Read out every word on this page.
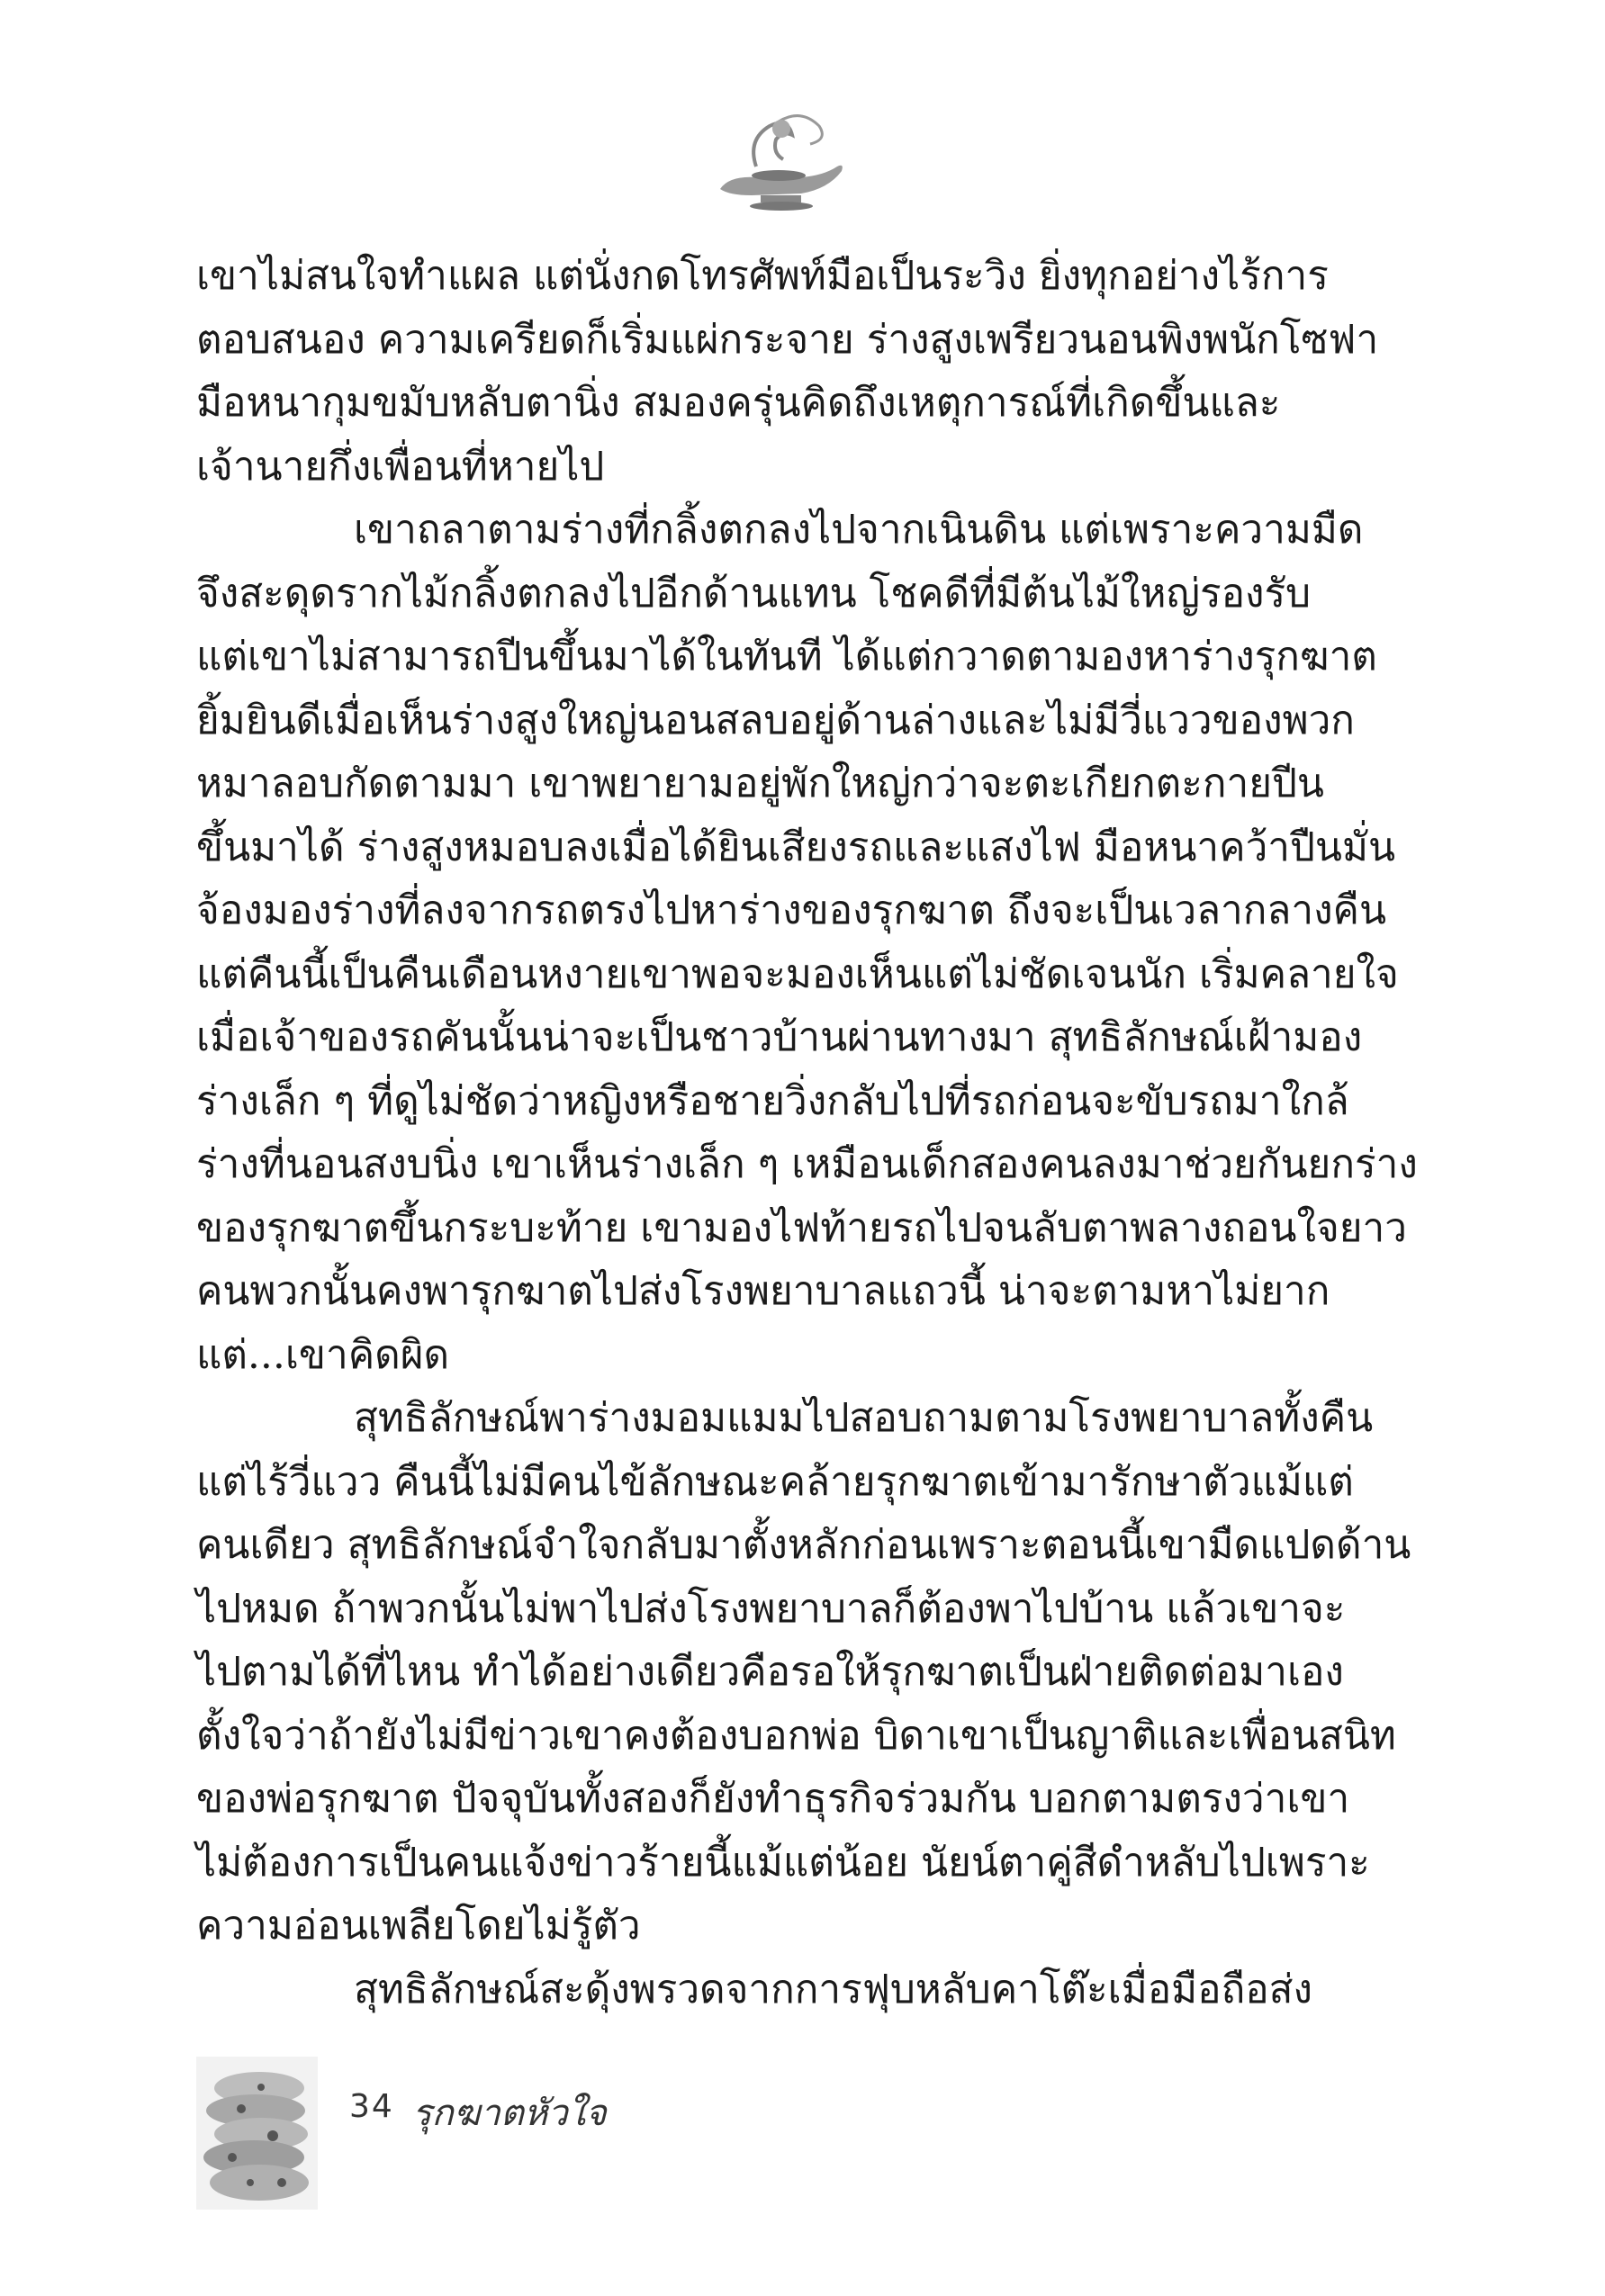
เขาไม่สนใจทำแผล แต่นั่งกดโทรศัพท์มือเป็นระวิง ยิ่งทุกอย่างไร้การ
ตอบสนอง ความเครียดก็เริ่มแผ่กระจาย ร่างสูงเพรียวนอนพิงพนักโซฟา
มือหนากุมขมับหลับตานิ่ง สมองครุ่นคิดถึงเหตุการณ์ที่เกิดขึ้นและ
เจ้านายกึ่งเพื่อนที่หายไป
เขาถลาตามร่างที่กลิ้งตกลงไปจากเนินดิน แต่เพราะความมืด
จึงสะดุดรากไม้กลิ้งตกลงไปอีกด้านแทน โชคดีที่มีต้นไม้ใหญ่รองรับ
แต่เขาไม่สามารถปีนขึ้นมาได้ในทันที ได้แต่กวาดตามองหาร่างรุกฆาต
ยิ้มยินดีเมื่อเห็นร่างสูงใหญ่นอนสลบอยู่ด้านล่างและไม่มีวี่แววของพวก
หมาลอบกัดตามมา เขาพยายามอยู่พักใหญ่กว่าจะตะเกียกตะกายปีน
ขึ้นมาได้ ร่างสูงหมอบลงเมื่อได้ยินเสียงรถและแสงไฟ มือหนาคว้าปืนมั่น
จ้องมองร่างที่ลงจากรถตรงไปหาร่างของรุกฆาต ถึงจะเป็นเวลากลางคืน
แต่คืนนี้เป็นคืนเดือนหงายเขาพอจะมองเห็นแต่ไม่ชัดเจนนัก เริ่มคลายใจ
เมื่อเจ้าของรถคันนั้นน่าจะเป็นชาวบ้านผ่านทางมา สุทธิลักษณ์เฝ้ามอง
ร่างเล็ก ๆ ที่ดูไม่ชัดว่าหญิงหรือชายวิ่งกลับไปที่รถก่อนจะขับรถมาใกล้
ร่างที่นอนสงบนิ่ง เขาเห็นร่างเล็ก ๆ เหมือนเด็กสองคนลงมาช่วยกันยกร่าง
ของรุกฆาตขึ้นกระบะท้าย เขามองไฟท้ายรถไปจนลับตาพลางถอนใจยาว
คนพวกนั้นคงพารุกฆาตไปส่งโรงพยาบาลแถวนี้ น่าจะตามหาไม่ยาก
แต่...เขาคิดผิด
สุทธิลักษณ์พาร่างมอมแมมไปสอบถามตามโรงพยาบาลทั้งคืน
แต่ไร้วี่แวว คืนนี้ไม่มีคนไข้ลักษณะคล้ายรุกฆาตเข้ามารักษาตัวแม้แต่
คนเดียว สุทธิลักษณ์จำใจกลับมาตั้งหลักก่อนเพราะตอนนี้เขามืดแปดด้าน
ไปหมด ถ้าพวกนั้นไม่พาไปส่งโรงพยาบาลก็ต้องพาไปบ้าน แล้วเขาจะ
ไปตามได้ที่ไหน ทำได้อย่างเดียวคือรอให้รุกฆาตเป็นฝ่ายติดต่อมาเอง
ตั้งใจว่าถ้ายังไม่มีข่าวเขาคงต้องบอกพ่อ บิดาเขาเป็นญาติและเพื่อนสนิท
ของพ่อรุกฆาต ปัจจุบันทั้งสองก็ยังทำธุรกิจร่วมกัน บอกตามตรงว่าเขา
ไม่ต้องการเป็นคนแจ้งข่าวร้ายนี้แม้แต่น้อย นัยน์ตาคู่สีดำหลับไปเพราะ
ความอ่อนเพลียโดยไม่รู้ตัว
สุทธิลักษณ์สะดุ้งพรวดจากการฟุบหลับคาโต๊ะเมื่อมือถือส่ง
34 รุกฆาตหัวใจ
